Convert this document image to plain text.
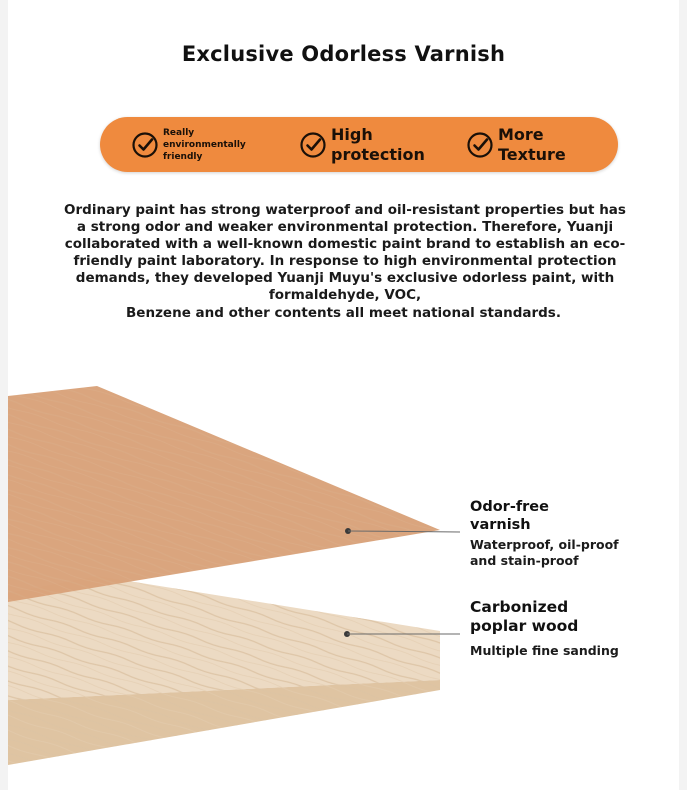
Exclusive Odorless Varnish
Really environmentally friendly
High protection
More Texture

Ordinary paint has strong waterproof and oil-resistant properties but has a strong odor and weaker environmental protection. Therefore, Yuanji collaborated with a well-known domestic paint brand to establish an eco-friendly paint laboratory. In response to high environmental protection demands, they developed Yuanji Muyu's exclusive odorless paint, with formaldehyde, VOC,

Benzene and other contents all meet national standards.

Odor-free varnish
Waterproof, oil-proof and stain-proof
Carbonized poplar wood
Multiple fine sanding
